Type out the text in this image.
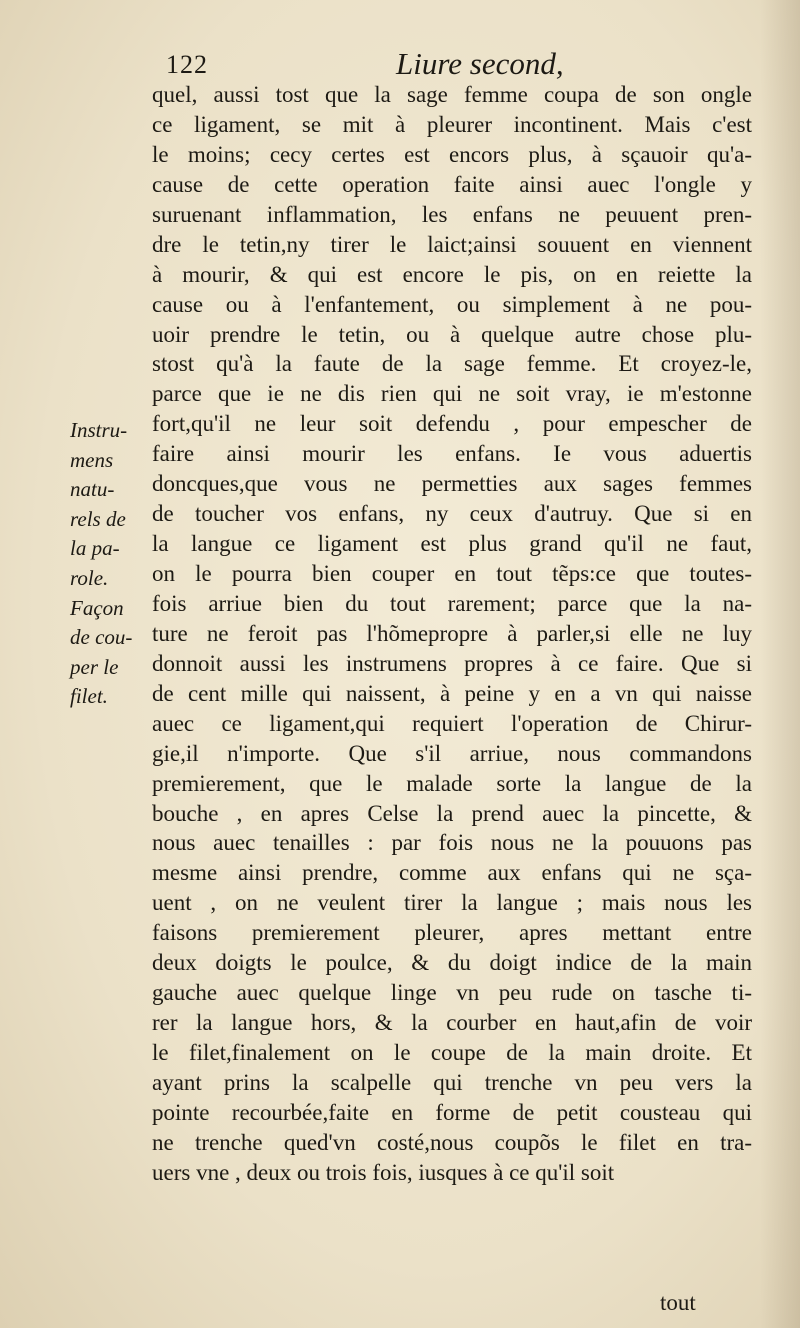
122	Liure second,
quel, aussi tost que la sage femme coupa de son ongle
ce ligament, se mit à pleurer incontinent. Mais c'est
le moins; cecy certes est encors plus, à sçauoir qu'a-
cause de cette operation faite ainsi auec l'ongle y
suruenant inflammation, les enfans ne peuuent pren-
dre le tetin,ny tirer le laict;ainsi souuent en viennent
à mourir, & qui est encore le pis, on en reiette la
cause ou à l'enfantement, ou simplement à ne pou-
uoir prendre le tetin, ou à quelque autre chose plu-
stost qu'à la faute de la sage femme. Et croyez-le,
parce que ie ne dis rien qui ne soit vray, ie m'estonne
fort,qu'il ne leur soit defendu , pour empescher de
faire ainsi mourir les enfans. Ie vous aduertis
doncques,que vous ne permetties aux sages femmes
de toucher vos enfans, ny ceux d'autruy. Que si en
la langue ce ligament est plus grand qu'il ne faut,
on le pourra bien couper en tout tẽps:ce que toutes-
fois arriue bien du tout rarement; parce que la na-
ture ne feroit pas l'hõmepropre à parler,si elle ne luy
donnoit aussi les instrumens propres à ce faire. Que si
de cent mille qui naissent, à peine y en a vn qui naisse
auec ce ligament,qui requiert l'operation de Chirur-
gie,il n'importe. Que s'il arriue, nous commandons
premierement, que le malade sorte la langue de la
bouche , en apres Celse la prend auec la pincette, &
nous auec tenailles : par fois nous ne la pouuons pas
mesme ainsi prendre, comme aux enfans qui ne sça-
uent , on ne veulent tirer la langue ; mais nous les
faisons premierement pleurer, apres mettant entre
deux doigts le poulce, & du doigt indice de la main
gauche auec quelque linge vn peu rude on tasche ti-
rer la langue hors, & la courber en haut,afin de voir
le filet,finalement on le coupe de la main droite. Et
ayant prins la scalpelle qui trenche vn peu vers la
pointe recourbée,faite en forme de petit cousteau qui
ne trenche qued'vn costé,nous coupõs le filet en tra-
uers vne , deux ou trois fois, iusques à ce qu'il soit
Instru-
mens
natu-
rels de
la pa-
role.
Façon
de cou-
per le
filet.
tout
